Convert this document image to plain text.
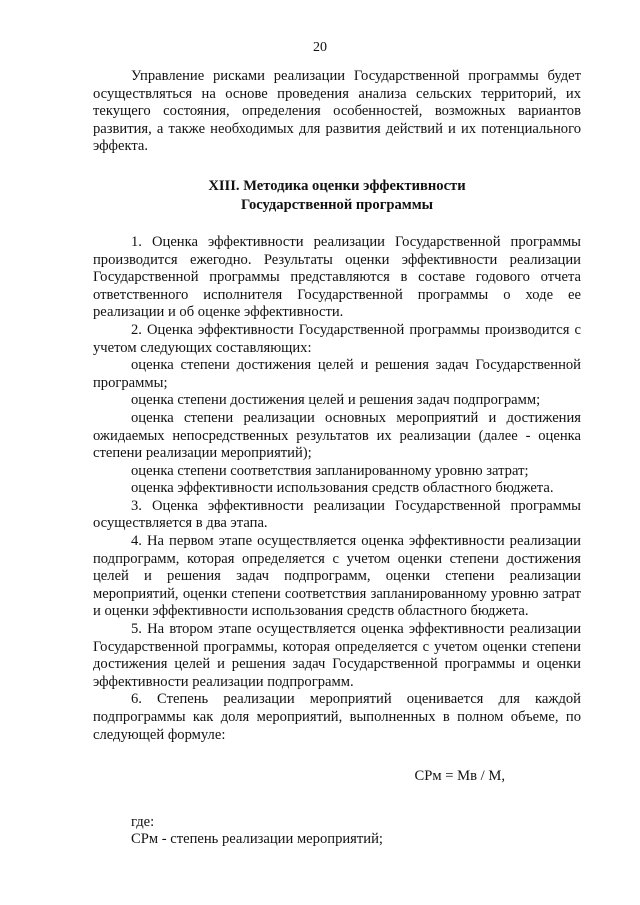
20

Управление рисками реализации Государственной программы будет осуществляться на основе проведения анализа сельских территорий, их текущего состояния, определения особенностей, возможных вариантов развития, а также необходимых для развития действий и их потенциального эффекта.

XIII. Методика оценки эффективности
Государственной программы

1. Оценка эффективности реализации Государственной программы производится ежегодно. Результаты оценки эффективности реализации Государственной программы представляются в составе годового отчета ответственного исполнителя Государственной программы о ходе ее реализации и об оценке эффективности.

2. Оценка эффективности Государственной программы производится с учетом следующих составляющих:

оценка степени достижения целей и решения задач Государственной программы;

оценка степени достижения целей и решения задач подпрограмм;

оценка степени реализации основных мероприятий и достижения ожидаемых непосредственных результатов их реализации (далее - оценка степени реализации мероприятий);

оценка степени соответствия запланированному уровню затрат;

оценка эффективности использования средств областного бюджета.

3. Оценка эффективности реализации Государственной программы осуществляется в два этапа.

4. На первом этапе осуществляется оценка эффективности реализации подпрограмм, которая определяется с учетом оценки степени достижения целей и решения задач подпрограмм, оценки степени реализации мероприятий, оценки степени соответствия запланированному уровню затрат и оценки эффективности использования средств областного бюджета.

5. На втором этапе осуществляется оценка эффективности реализации Государственной программы, которая определяется с учетом оценки степени достижения целей и решения задач Государственной программы и оценки эффективности реализации подпрограмм.

6. Степень реализации мероприятий оценивается для каждой подпрограммы как доля мероприятий, выполненных в полном объеме, по следующей формуле:

СРм = Мв / М,

где:

СРм - степень реализации мероприятий;
